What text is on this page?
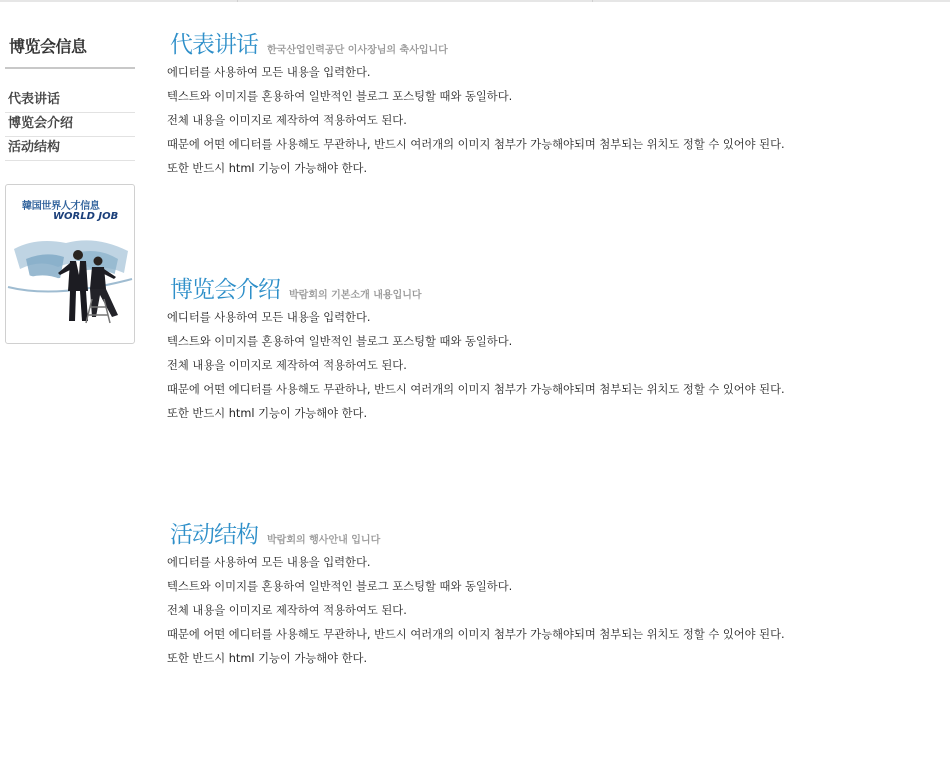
博览会信息
代表讲话
博览会介绍
活动结构
韓国世界人才信息
WORLD JOB
代表讲话 한국산업인력공단 이사장님의 축사입니다
에디터를 사용하여 모든 내용을 입력한다.
텍스트와 이미지를 혼용하여 일반적인 블로그 포스팅할 때와 동일하다.
전체 내용을 이미지로 제작하여 적용하여도 된다.
때문에 어떤 에디터를 사용해도 무관하나, 반드시 여러개의 이미지 첨부가 가능해야되며 첨부되는 위치도 정할 수 있어야 된다.
또한 반드시 html 기능이 가능해야 한다.
博览会介绍 박람회의 기본소개 내용입니다
에디터를 사용하여 모든 내용을 입력한다.
텍스트와 이미지를 혼용하여 일반적인 블로그 포스팅할 때와 동일하다.
전체 내용을 이미지로 제작하여 적용하여도 된다.
때문에 어떤 에디터를 사용해도 무관하나, 반드시 여러개의 이미지 첨부가 가능해야되며 첨부되는 위치도 정할 수 있어야 된다.
또한 반드시 html 기능이 가능해야 한다.
活动结构 박람회의 행사안내 입니다
에디터를 사용하여 모든 내용을 입력한다.
텍스트와 이미지를 혼용하여 일반적인 블로그 포스팅할 때와 동일하다.
전체 내용을 이미지로 제작하여 적용하여도 된다.
때문에 어떤 에디터를 사용해도 무관하나, 반드시 여러개의 이미지 첨부가 가능해야되며 첨부되는 위치도 정할 수 있어야 된다.
또한 반드시 html 기능이 가능해야 한다.
